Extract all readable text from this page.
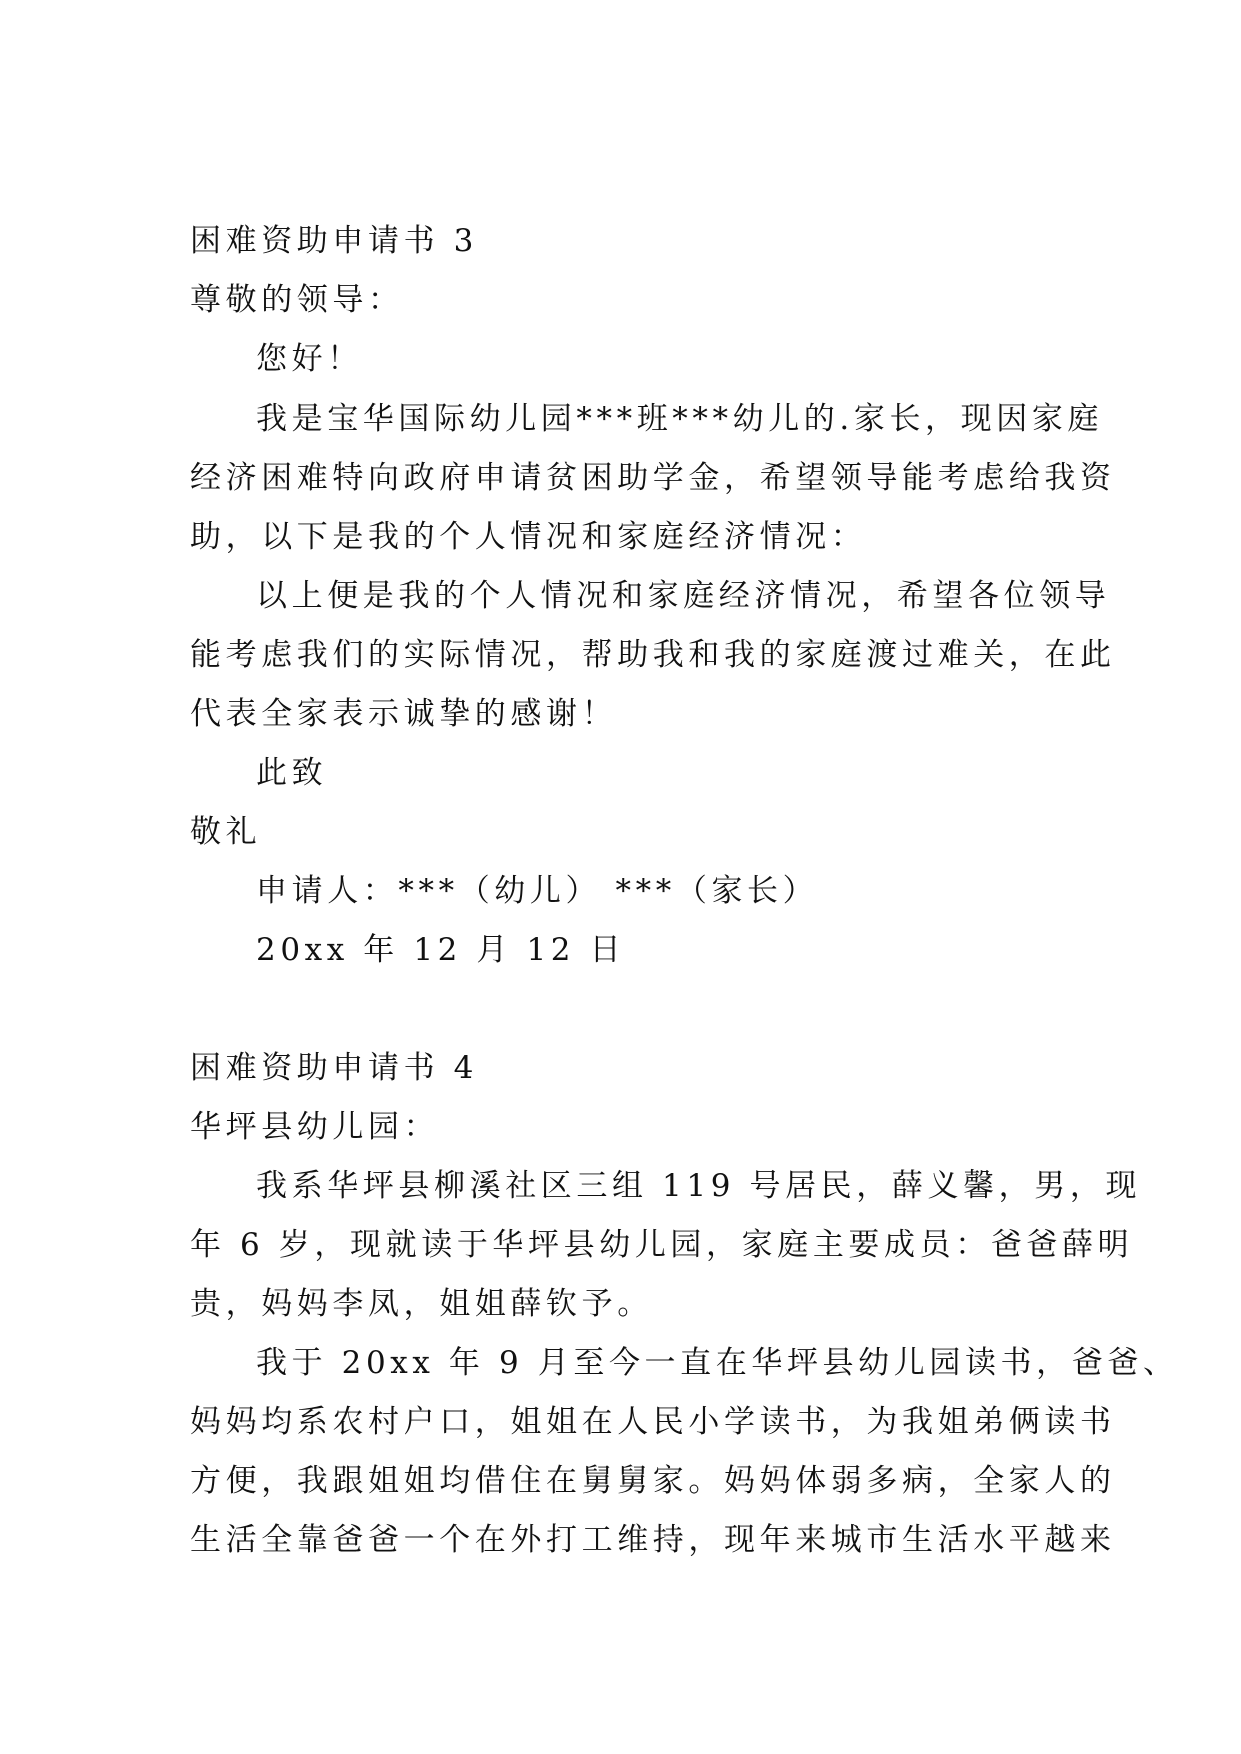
困难资助申请书 3

尊敬的领导：

您好！

我是宝华国际幼儿园***班***幼儿的.家长，现因家庭

经济困难特向政府申请贫困助学金，希望领导能考虑给我资

助，以下是我的个人情况和家庭经济情况：

以上便是我的个人情况和家庭经济情况，希望各位领导

能考虑我们的实际情况，帮助我和我的家庭渡过难关，在此

代表全家表示诚挚的感谢！

此致

敬礼

申请人：***（幼儿） ***（家长）

20xx 年 12 月 12 日

困难资助申请书 4

华坪县幼儿园：

我系华坪县柳溪社区三组 119 号居民，薛义馨，男，现

年 6 岁，现就读于华坪县幼儿园，家庭主要成员：爸爸薛明

贵，妈妈李凤，姐姐薛钦予。

我于 20xx 年 9 月至今一直在华坪县幼儿园读书，爸爸、

妈妈均系农村户口，姐姐在人民小学读书，为我姐弟俩读书

方便，我跟姐姐均借住在舅舅家。妈妈体弱多病，全家人的

生活全靠爸爸一个在外打工维持，现年来城市生活水平越来
